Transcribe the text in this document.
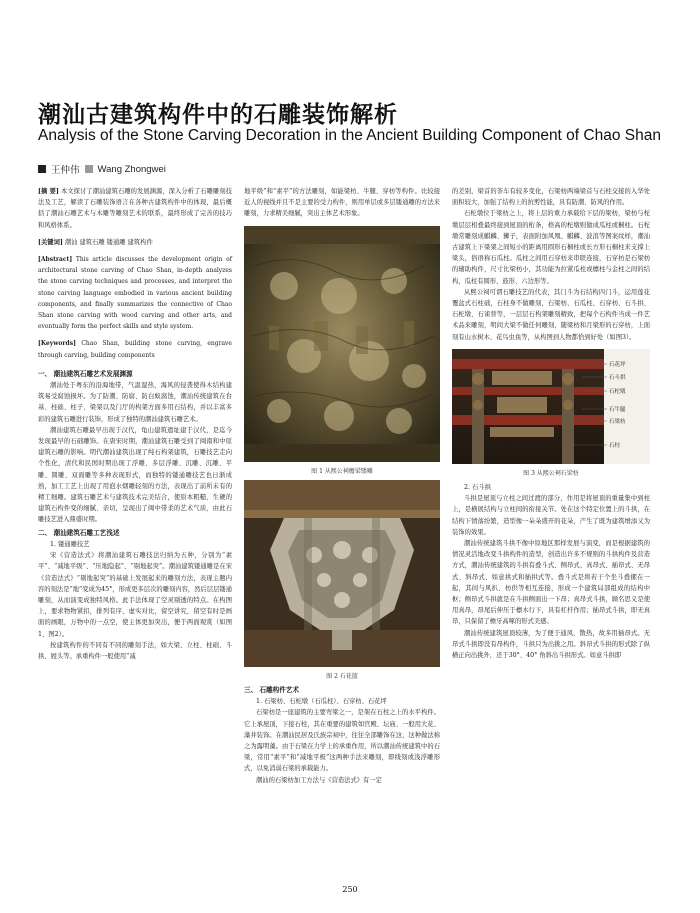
潮汕古建筑构件中的石雕装饰解析

Analysis of the Stone Carving Decoration in the Ancient Building Component of Chao Shan

王仲伟 Wang Zhongwei

[摘 要] 本文探讨了潮汕建筑石雕的发展渊源，深入分析了石雕雕刻技法及工艺，解读了石雕装饰语言在各种古建筑构件中的体现，最后概括了潮汕石雕艺术与木雕等雕刻艺术的联系，最终形成了完善的技巧和风格体系。

[关键词] 潮汕 建筑石雕 镂通雕 建筑构件

[Abstract] This article discusses the development origin of architectural stone carving of Chao Shan, in-depth analyzes the stone carving techniques and processes, and interpret the stone carving language embodied in various ancient building components, and finally summarizes the connective of Chao Shan stone carving with wood carving and other arts, and eventually form the perfect skills and style system.

[Keywords] Chao Shan, building stone carving, engrave through carving, building components

一、 潮汕建筑石雕艺术发展渊源

潮汕处于粤东的沿海地带，气温湿热，海风的侵袭使得木结构建筑易受腐蚀损坏。为了防潮、防腐、防白蚁腐蚀，潮汕传统建筑在台基、柱础、柱子、梁架以及门厅的构架方面多用石结构，并以丰富多彩的建筑石雕进行装饰，形成了独特的潮汕建筑石雕艺术。

潮汕建筑石雕最早出现于汉代，龟山建筑遗址建于汉代，是迄今发现最早的石础雕饰。在唐宋时期，潮汕建筑石雕受到了闽南和中原建筑石雕的影响。明代潮汕建筑出现了纯石构架建筑，石雕技艺走向个性化，清代和民国时期出现了浮雕、多层浮雕、沉雕、沉雕、平雕、圆雕、双面雕等多种表现形式，而独特的镂通雕技艺也日渐成熟，加工工艺上出现了用泡水烟雕轻刻的方法，表现出了前所未有的精工细雕。建筑石雕艺术与建筑技术完美结合，使原本粗糙、生硬的建筑石构件变的细腻、亲切，呈现出了闽中带柔的艺术气质，由此石雕技艺进入鼎盛时期。

二、 潮汕建筑石雕工艺浅述

1. 镂通雕技艺

宋《营造法式》将潮汕建筑石雕技法归纳为五种，分别为“素平”、“减地平级”、“压地隐起”、“剔地起突”。潮汕建筑镂通雕是在宋《营造法式》“剔地起突”的基础上发展起来的雕刻方法，表现主题内容的刻法是“地”变成为45°，形成更多层次的雕刻内容，然后层层镂通雕刻，从而演变成独特风格。此手法体现了空灵剔透的特点。在构图上，要求物物紧扣，排列有序，虚实对比，留空讲究，留空有时是画面的画眼，万物中的一点空，使主体更加突出，便于两面观赏（如图1、图2）。

按建筑构件的不同有不同的雕刻手法，如大梁、立柱、柱础、斗拱、屐头等。承重构件一般使用“减

地平级”和“素平”的方法雕刻，如能梁枋、牛腿、穿枋等构件。比较接近人的视线并且不是主要的受力构件，则用单层或多层镂通雕的方法来雕刻，力求精美细腻，突出主体艺术形象。

图 1 从熙公祠檐梁镂雕

图 2 石花篮

三、 石雕构件艺术

1. 石梁枋、石柁墩（石瓜柱）、石穿枋、石花坪

石梁枋是一座建筑的主要弯梁之一，是架在石柱之上的水平构件。它上承屋顶，下接石柱，其在重要的建筑如官殿、坛庙、一般用大花、藻井装饰。在潮汕民居及氏族宗祠中，往往全部雕饰在这，这种做法称之为露明藻。由于石梁在力学上的承重作用，所以潮汕传统建筑中的石梁，常用“素平”和“减地平极”这两种手法来雕刻，即线刻或浅浮雕形式，以免消弱石梁的承载能力。

潮汕的石梁枋加工方法与《营造法式》有一定

的差别，梁首的茶车有较多变化，石梁枋两端梁首与石柱交接的入华处面积较大，加强了结构上的抗剪性能，具有防潮、防风的作用。

石柁墩位于梁枋之上，将上层的重力承载给下层的梁枋，梁枋与柁墩层层相叠最终接到屋顶的桁条，格高的柁墩则做成瓜柱或桐柱。石柁墩常雕刻成麒麟、狮子，表面附加风凰、麒麟、波浪等图案纹样，潮汕古建筑上下梁架之间短小的距离用圆形石桐柱或长方形石桐柱来支撑上梁头，俗语称石瓜柱。瓜柱之间用石穿枋来串联连接，石穿枋是石梁枋的辅助构件，尺寸比梁枋小，其功能为拉紧瓜柱或檩柱与金柱之间的结构，瓜柱有圆形、鼓形、六边形等。

从熙公祠可谓石雕技艺的代表，其门斗为石结构四门斗，运用莲花覆盆式石柱础，石柱身不做雕刻，石梁枋、石瓜柱、石穿枋、石斗拱、石柁墩、石雀替等，一层层石构架雕刻精致，把每个石构件当成一件艺术品来雕刻，明间大梁不做任何雕刻，随梁枋和月梁形的石穿枋，上面刻有山水树木、花鸟虫鱼等，从构图到人物都恰到好处（如图3）。

石花坪
石斗拱
石柁墩
石牛腿
石梁枋
石柱

图 3 从熙公祠石梁枋

2. 石斗拱

斗拱是屋顶与立柱之间过渡的部分，作用是将屋顶的重量集中到柱上，是横展结构与立柱间的衔接关节。处在这个特定位置上的斗拱，在结构下情落纷繁，造型像一朵朵盛开的花朵，产生了既为建筑增添又为装饰的效果。

潮汕传统建筑斗拱不像中原地区那样发展与演变，而是根据建筑的情况灵活地改变斗拱构件的造型，创造出许多不规则的斗拱构件及营造方式，潮汕传统建筑的斗拱有叠斗式、侧昂式、真昂式、插昂式、无昂式、斜昂式、如意拱式和插拱式等。叠斗式是将若干个坐斗叠摞在一起，其间与风扒、枋供等相互连接，形成一个建筑局部组成的结构中枢；侧昂式斗拱就是在斗拱侧面出一下昂；真昂式斗拱，顾名思义是使用真昂，昂尾后伸压于檩木行下，具有杠杆作用；插昂式斗拱，即无真昂，只保留了檐牙高啄的形式美感。

潮汕传统建筑屋顶较薄，为了便于通风、散热，故多用插昂式。无昂式斗拱即没有昂构件，斗拱只为出挑之用。斜昂式斗拱的形式除了纵横正向出挑外，还于30°、40° 角斜出斗拱形式。如意斗拱即

250
